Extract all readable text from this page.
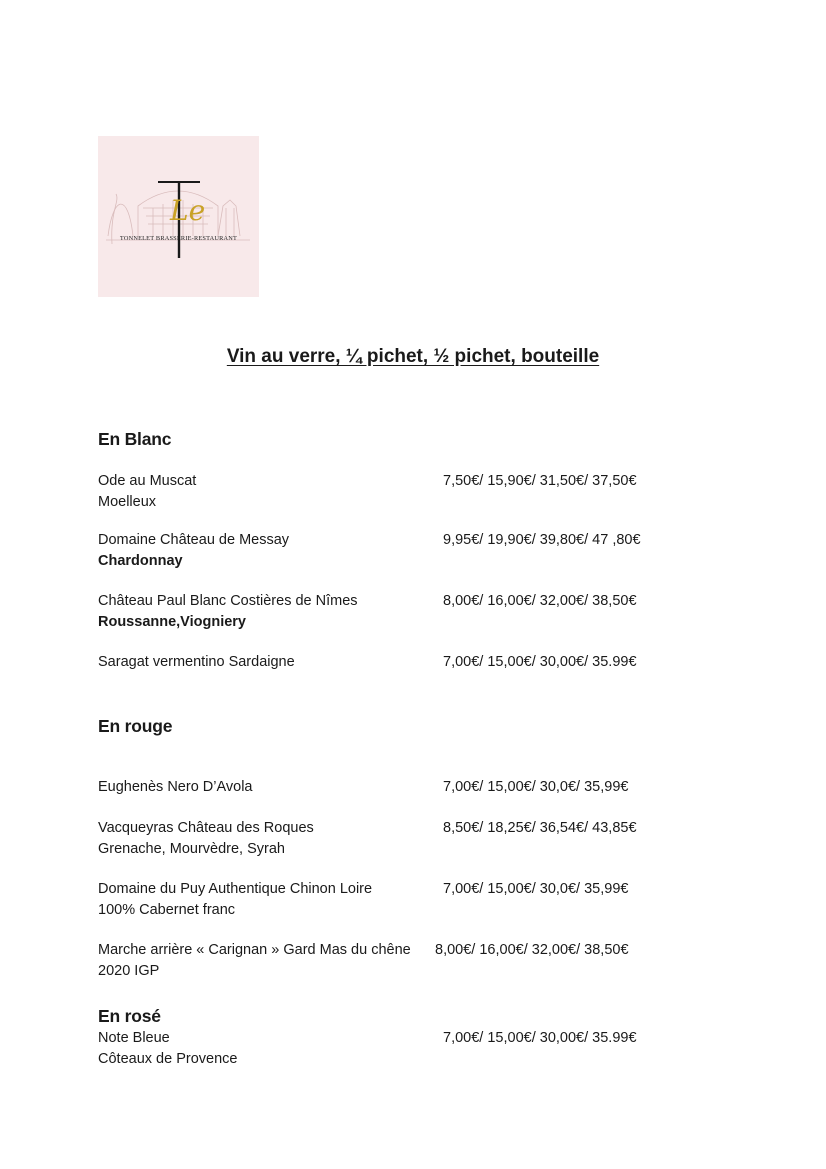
Le
TONNELET BRASSERIE-RESTAURANT
Vin au verre, ¼ pichet, ½ pichet, bouteille
En Blanc
Ode au Muscat
Moelleux
7,50€/ 15,90€/ 31,50€/ 37,50€
Domaine Château de Messay
Chardonnay
9,95€/ 19,90€/ 39,80€/ 47 ,80€
Château Paul Blanc Costières de Nîmes
Roussanne,Viogniery
8,00€/ 16,00€/ 32,00€/ 38,50€
Saragat vermentino Sardaigne	7,00€/ 15,00€/ 30,00€/ 35.99€
En rouge
Eughenès Nero D’Avola	7,00€/ 15,00€/ 30,0€/ 35,99€
Vacqueyras Château des Roques
Grenache, Mourvèdre, Syrah
8,50€/ 18,25€/ 36,54€/ 43,85€
Domaine du Puy Authentique Chinon Loire
100% Cabernet franc
7,00€/ 15,00€/ 30,0€/ 35,99€
Marche arrière « Carignan » Gard Mas du chêne
2020 IGP
8,00€/ 16,00€/ 32,00€/ 38,50€
En rosé
Note Bleue
Côteaux de Provence
7,00€/ 15,00€/ 30,00€/ 35.99€
